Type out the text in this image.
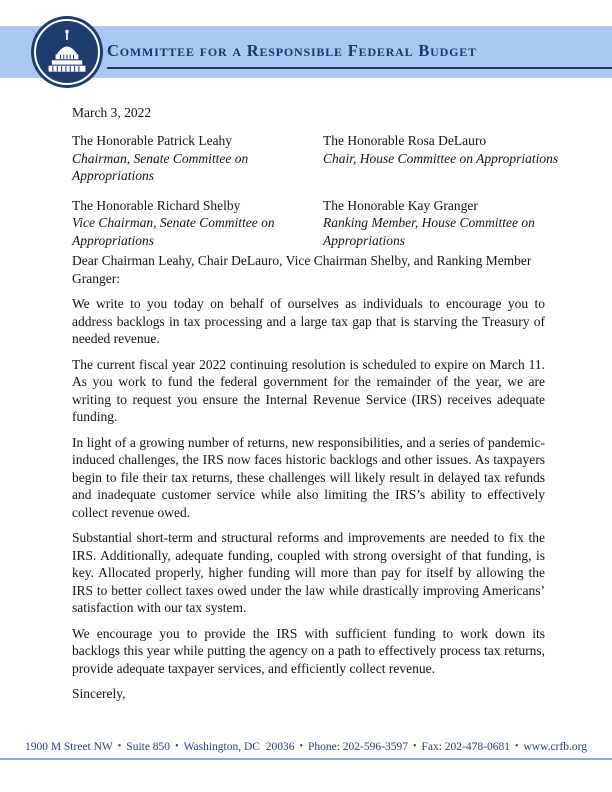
Committee for a Responsible Federal Budget
March 3, 2022
The Honorable Patrick Leahy
Chairman, Senate Committee on Appropriations
The Honorable Rosa DeLauro
Chair, House Committee on Appropriations
The Honorable Richard Shelby
Vice Chairman, Senate Committee on Appropriations
The Honorable Kay Granger
Ranking Member, House Committee on Appropriations

Dear Chairman Leahy, Chair DeLauro, Vice Chairman Shelby, and Ranking Member Granger:

We write to you today on behalf of ourselves as individuals to encourage you to address backlogs in tax processing and a large tax gap that is starving the Treasury of needed revenue.

The current fiscal year 2022 continuing resolution is scheduled to expire on March 11. As you work to fund the federal government for the remainder of the year, we are writing to request you ensure the Internal Revenue Service (IRS) receives adequate funding.

In light of a growing number of returns, new responsibilities, and a series of pandemic-induced challenges, the IRS now faces historic backlogs and other issues. As taxpayers begin to file their tax returns, these challenges will likely result in delayed tax refunds and inadequate customer service while also limiting the IRS’s ability to effectively collect revenue owed.

Substantial short-term and structural reforms and improvements are needed to fix the IRS. Additionally, adequate funding, coupled with strong oversight of that funding, is key. Allocated properly, higher funding will more than pay for itself by allowing the IRS to better collect taxes owed under the law while drastically improving Americans’ satisfaction with our tax system.

We encourage you to provide the IRS with sufficient funding to work down its backlogs this year while putting the agency on a path to effectively process tax returns, provide adequate taxpayer services, and efficiently collect revenue.

Sincerely,

1900 M Street NW • Suite 850 • Washington, DC  20036 • Phone: 202-596-3597 • Fax: 202-478-0681 • www.crfb.org
